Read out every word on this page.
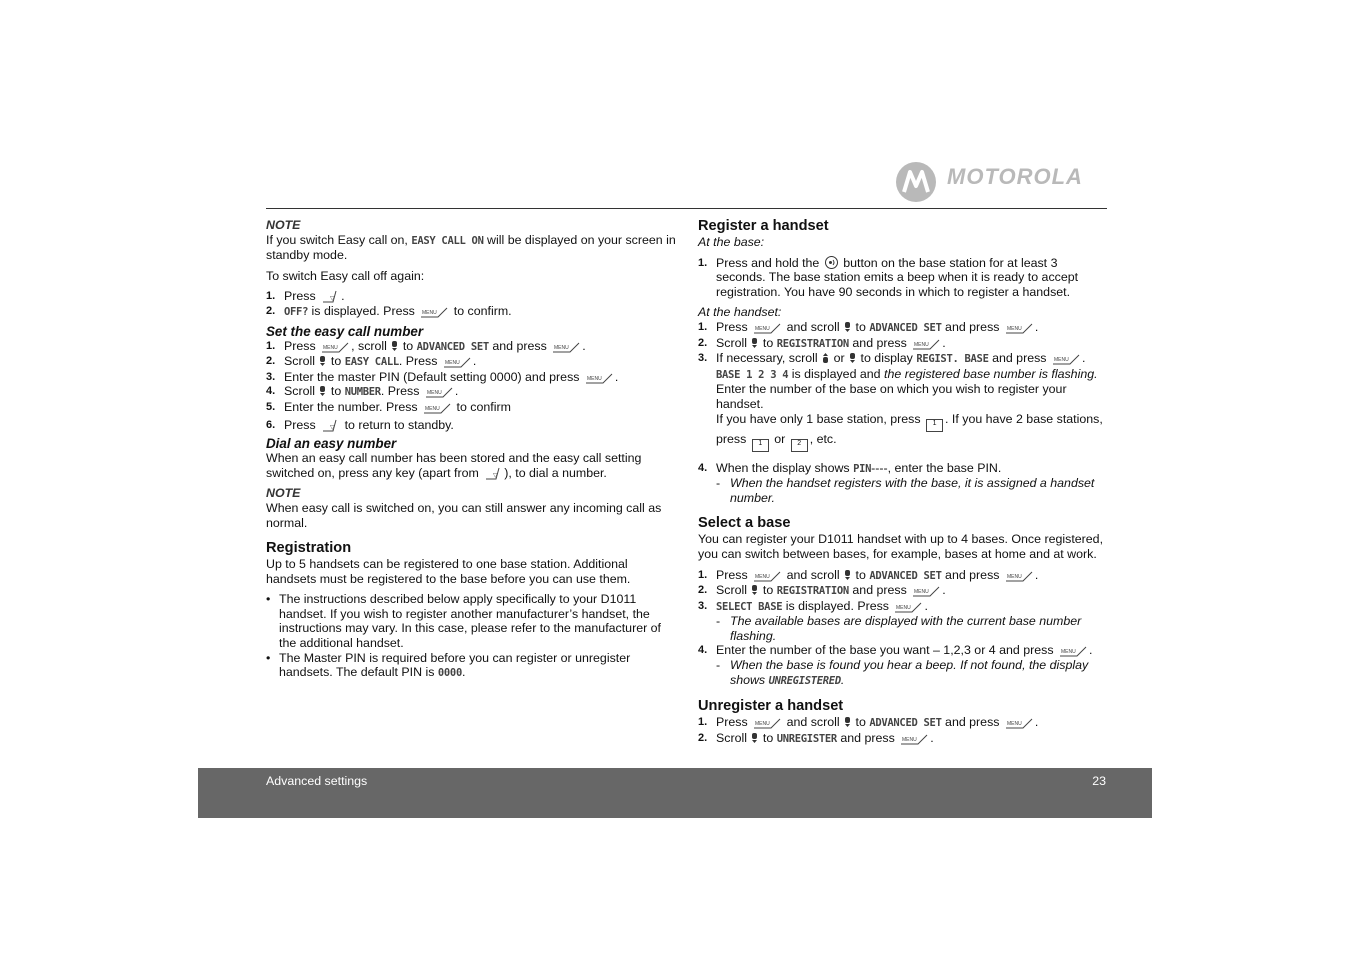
MOTOROLA

NOTE

If you switch Easy call on, EASY CALL ON will be displayed on your screen in standby mode.

To switch Easy call off again:

1. Press ▽ .
2. OFF? is displayed. Press MENU to confirm.
Set the easy call number
1. Press MENU , scroll to ADVANCED SET and press MENU .
2. Scroll to EASY CALL. Press MENU .
3. Enter the master PIN (Default setting 0000) and press MENU .
4. Scroll to NUMBER. Press MENU .
5. Enter the number. Press MENU to confirm
6. Press ▽ to return to standby.
Dial an easy number

When an easy call number has been stored and the easy call setting switched on, press any key (apart from ▽ ), to dial a number.

NOTE

When easy call is switched on, you can still answer any incoming call as normal.

Registration

Up to 5 handsets can be registered to one base station. Additional handsets must be registered to the base before you can use them.

• The instructions described below apply specifically to your D1011 handset. If you wish to register another manufacturer’s handset, the instructions may vary. In this case, please refer to the manufacturer of the additional handset.
• The Master PIN is required before you can register or unregister handsets. The default PIN is 0000.
Register a handset

At the base:

1. Press and hold the button on the base station for at least 3 seconds. The base station emits a beep when it is ready to accept registration. You have 90 seconds in which to register a handset.

At the handset:

1. Press MENU and scroll to ADVANCED SET and press MENU .
2. Scroll to REGISTRATION and press MENU .
3. If necessary, scroll or to display REGIST. BASE and press MENU .
BASE 1 2 3 4 is displayed and the registered base number is flashing.
Enter the number of the base on which you wish to register your handset.
If you have only 1 base station, press 1 . If you have 2 base stations, press 1 or 2 , etc.
4. When the display shows PIN----, enter the base PIN.
- When the handset registers with the base, it is assigned a handset number.
Select a base

You can register your D1011 handset with up to 4 bases. Once registered, you can switch between bases, for example, bases at home and at work.

1. Press MENU and scroll to ADVANCED SET and press MENU .
2. Scroll to REGISTRATION and press MENU .
3. SELECT BASE is displayed. Press MENU .
- The available bases are displayed with the current base number flashing.
4. Enter the number of the base you want – 1,2,3 or 4 and press MENU .
- When the base is found you hear a beep. If not found, the display shows UNREGISTERED.
Unregister a handset
1. Press MENU and scroll to ADVANCED SET and press MENU .
2. Scroll to UNREGISTER and press MENU .
Advanced settings	23
